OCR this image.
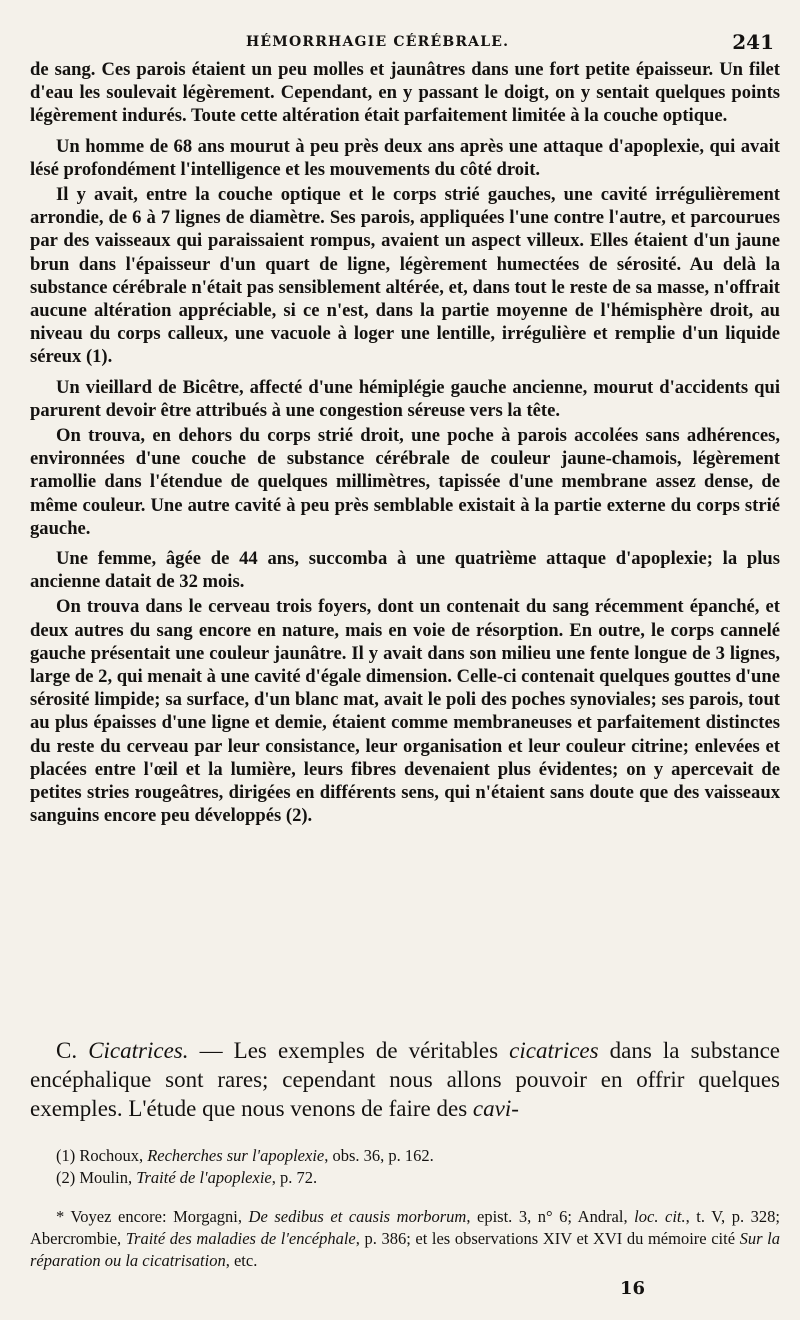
HÉMORRHAGIE CÉRÉBRALE.	241

de sang. Ces parois étaient un peu molles et jaunâtres dans une fort petite épaisseur. Un filet d'eau les soulevait légèrement. Cependant, en y passant le doigt, on y sentait quelques points légèrement indurés. Toute cette altération était parfaitement limitée à la couche optique.

Un homme de 68 ans mourut à peu près deux ans après une attaque d'apoplexie, qui avait lésé profondément l'intelligence et les mouvements du côté droit.

Il y avait, entre la couche optique et le corps strié gauches, une cavité irrégulièrement arrondie, de 6 à 7 lignes de diamètre. Ses parois, appliquées l'une contre l'autre, et parcourues par des vaisseaux qui paraissaient rompus, avaient un aspect villeux. Elles étaient d'un jaune brun dans l'épaisseur d'un quart de ligne, légèrement humectées de sérosité. Au delà la substance cérébrale n'était pas sensiblement altérée, et, dans tout le reste de sa masse, n'offrait aucune altération appréciable, si ce n'est, dans la partie moyenne de l'hémisphère droit, au niveau du corps calleux, une vacuole à loger une lentille, irrégulière et remplie d'un liquide séreux (1).

Un vieillard de Bicêtre, affecté d'une hémiplégie gauche ancienne, mourut d'accidents qui parurent devoir être attribués à une congestion séreuse vers la tête.

On trouva, en dehors du corps strié droit, une poche à parois accolées sans adhérences, environnées d'une couche de substance cérébrale de couleur jaune-chamois, légèrement ramollie dans l'étendue de quelques millimètres, tapissée d'une membrane assez dense, de même couleur. Une autre cavité à peu près semblable existait à la partie externe du corps strié gauche.

Une femme, âgée de 44 ans, succomba à une quatrième attaque d'apoplexie; la plus ancienne datait de 32 mois.

On trouva dans le cerveau trois foyers, dont un contenait du sang récemment épanché, et deux autres du sang encore en nature, mais en voie de résorption. En outre, le corps cannelé gauche présentait une couleur jaunâtre. Il y avait dans son milieu une fente longue de 3 lignes, large de 2, qui menait à une cavité d'égale dimension. Celle-ci contenait quelques gouttes d'une sérosité limpide; sa surface, d'un blanc mat, avait le poli des poches synoviales; ses parois, tout au plus épaisses d'une ligne et demie, étaient comme membraneuses et parfaitement distinctes du reste du cerveau par leur consistance, leur organisation et leur couleur citrine; enlevées et placées entre l'œil et la lumière, leurs fibres devenaient plus évidentes; on y apercevait de petites stries rougeâtres, dirigées en différents sens, qui n'étaient sans doute que des vaisseaux sanguins encore peu développés (2).

C. Cicatrices. — Les exemples de véritables cicatrices dans la substance encéphalique sont rares; cependant nous allons pouvoir en offrir quelques exemples. L'étude que nous venons de faire des cavi-

(1) Rochoux, Recherches sur l'apoplexie, obs. 36, p. 162.

(2) Moulin, Traité de l'apoplexie, p. 72.

* Voyez encore: Morgagni, De sedibus et causis morborum, epist. 3, n° 6; Andral, loc. cit., t. V, p. 328; Abercrombie, Traité des maladies de l'encéphale, p. 386; et les observations XIV et XVI du mémoire cité Sur la réparation ou la cicatrisation, etc.

16
